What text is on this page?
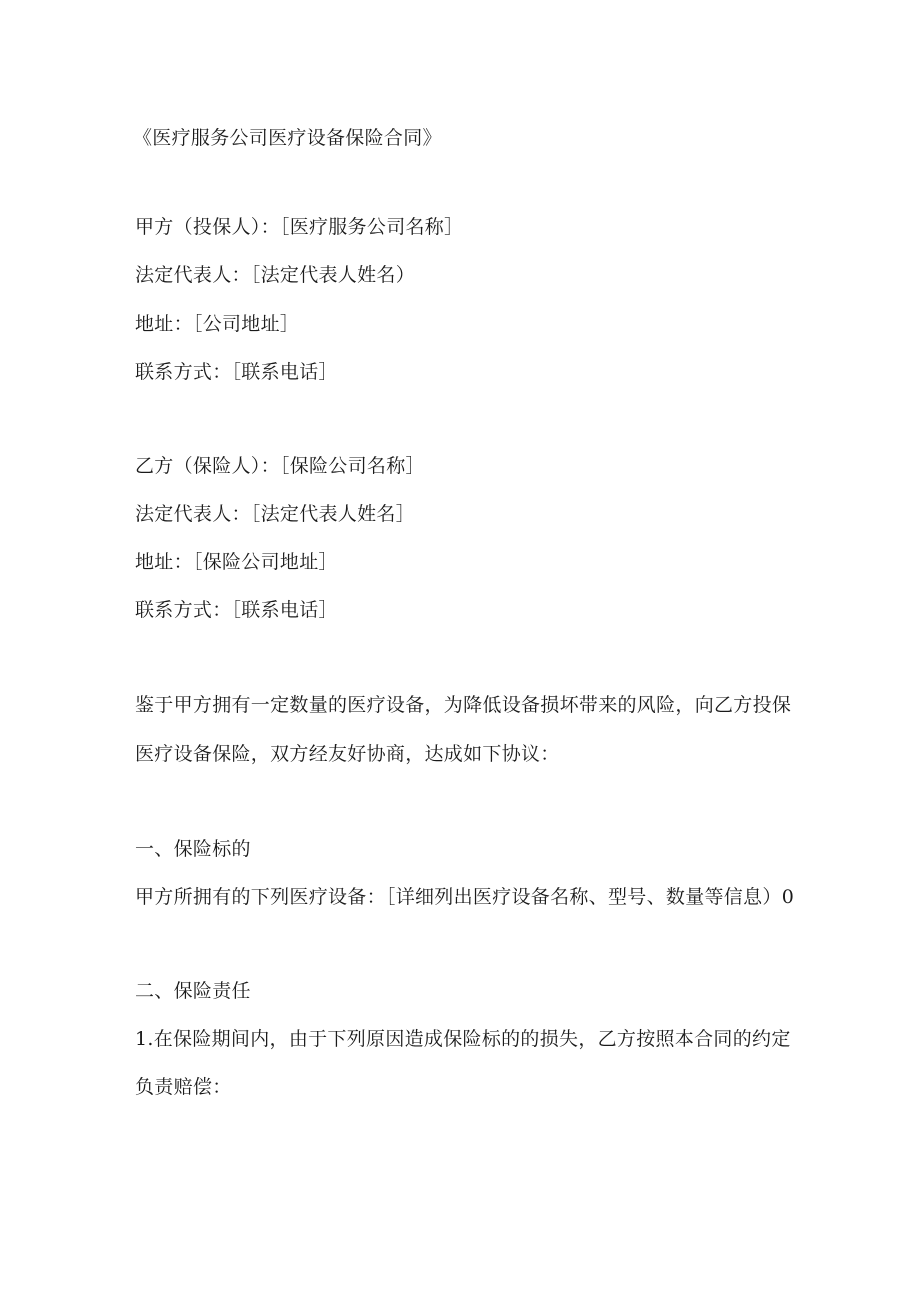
《医疗服务公司医疗设备保险合同》
甲方（投保人）：［医疗服务公司名称］
法定代表人：［法定代表人姓名）
地址：［公司地址］
联系方式：［联系电话］
乙方（保险人）：［保险公司名称］
法定代表人：［法定代表人姓名］
地址：［保险公司地址］
联系方式：［联系电话］
鉴于甲方拥有一定数量的医疗设备，为降低设备损坏带来的风险，向乙方投保
医疗设备保险，双方经友好协商，达成如下协议：
一、保险标的
甲方所拥有的下列医疗设备：［详细列出医疗设备名称、型号、数量等信息）0
二、保险责任
1.在保险期间内，由于下列原因造成保险标的的损失，乙方按照本合同的约定
负责赔偿：
